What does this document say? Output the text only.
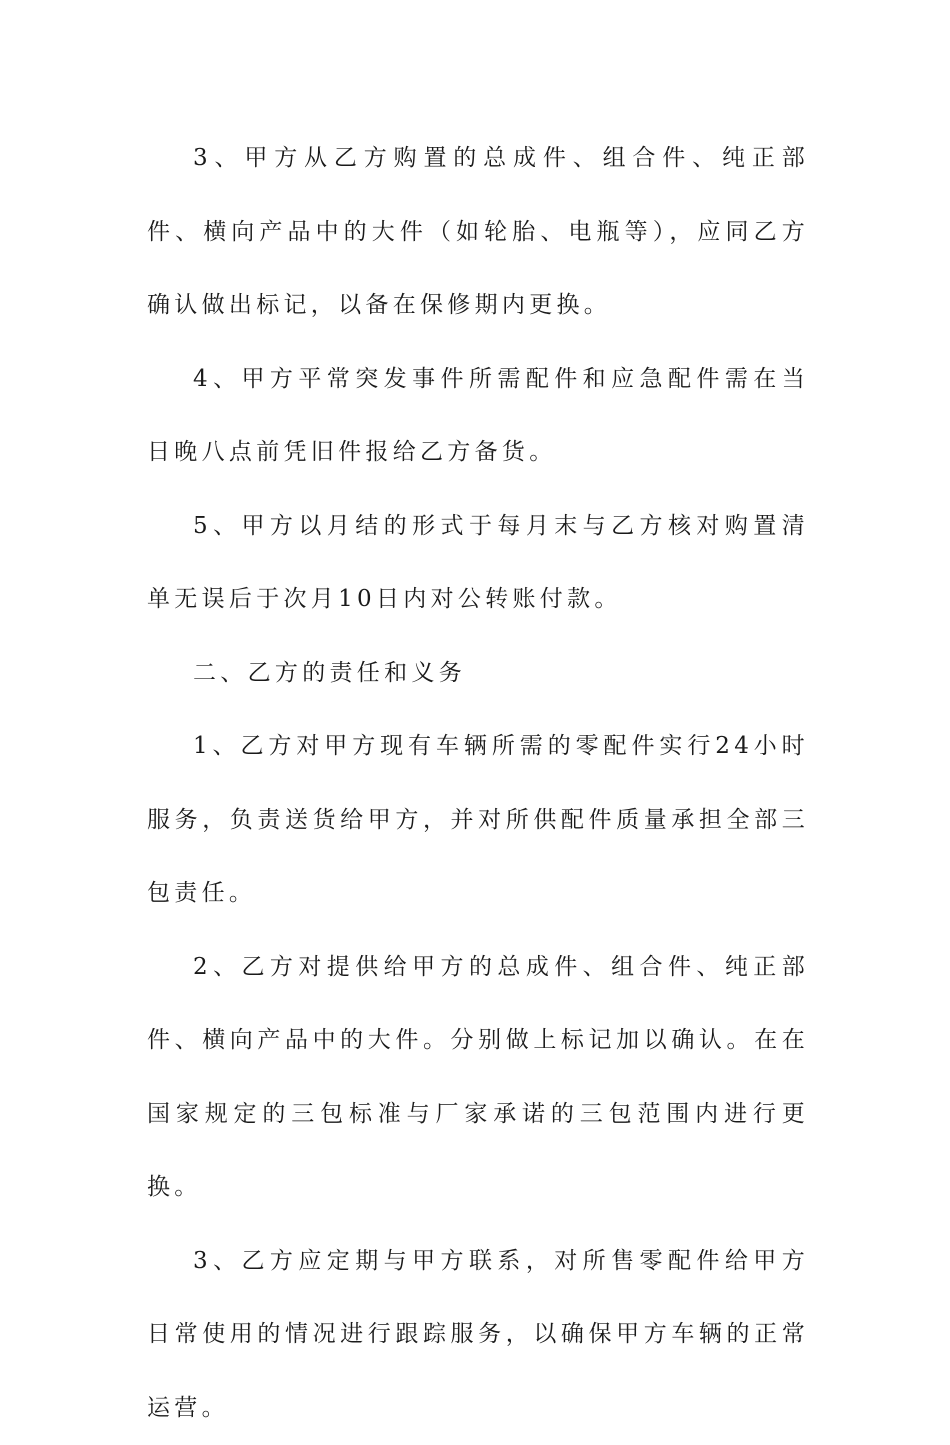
3、甲方从乙方购置的总成件、组合件、纯正部件、横向产品中的大件（如轮胎、电瓶等），应同乙方确认做出标记，以备在保修期内更换。

4、甲方平常突发事件所需配件和应急配件需在当日晚八点前凭旧件报给乙方备货。

5、甲方以月结的形式于每月末与乙方核对购置清单无误后于次月10日内对公转账付款。

二、乙方的责任和义务

1、乙方对甲方现有车辆所需的零配件实行24小时服务，负责送货给甲方，并对所供配件质量承担全部三包责任。

2、乙方对提供给甲方的总成件、组合件、纯正部件、横向产品中的大件。分别做上标记加以确认。在在国家规定的三包标准与厂家承诺的三包范围内进行更换。

3、乙方应定期与甲方联系，对所售零配件给甲方日常使用的情况进行跟踪服务，以确保甲方车辆的正常运营。
